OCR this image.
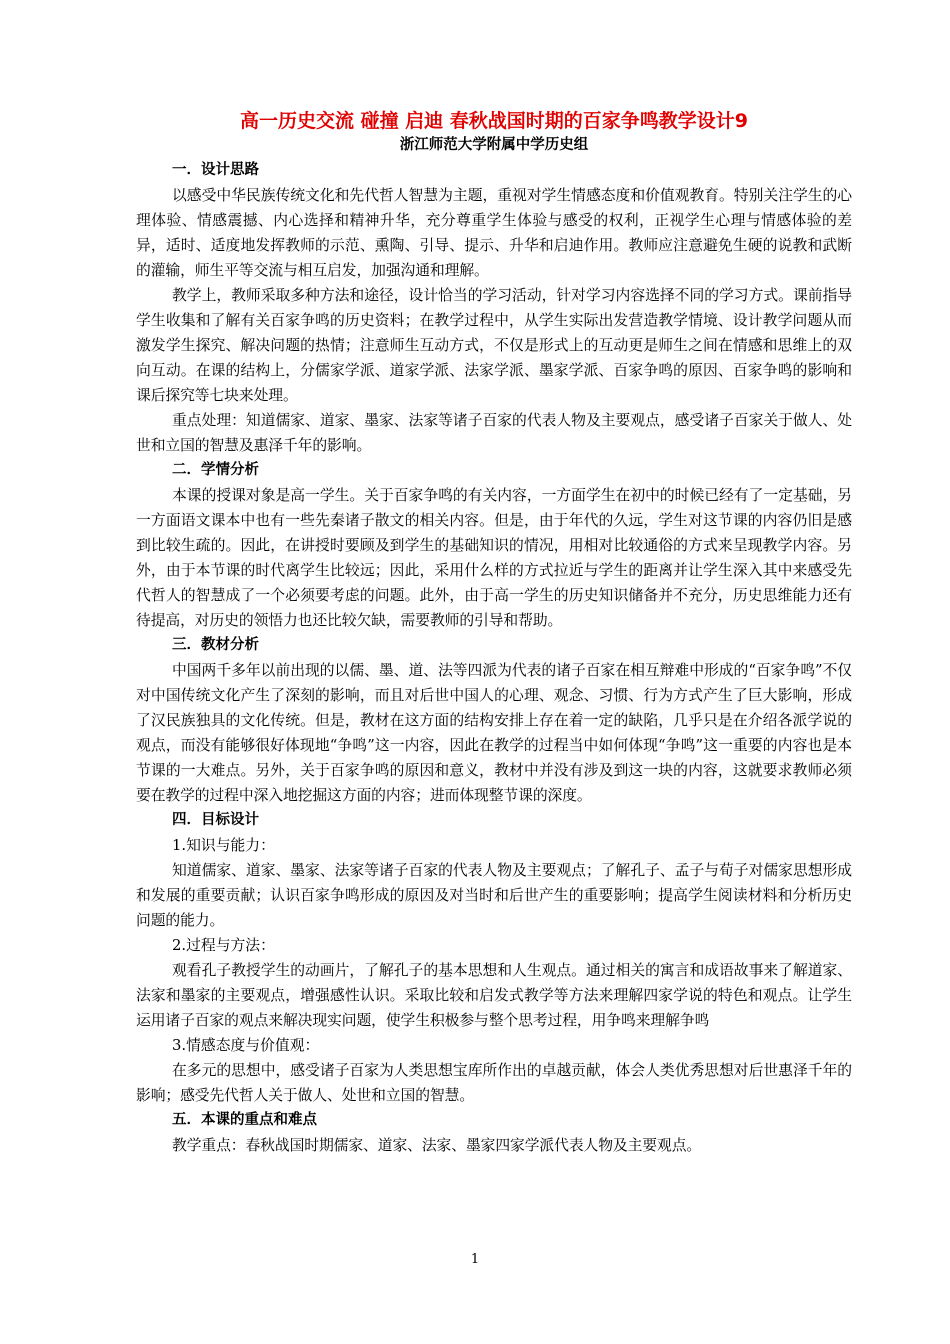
高一历史交流 碰撞 启迪 春秋战国时期的百家争鸣教学设计9
浙江师范大学附属中学历史组
一．设计思路

以感受中华民族传统文化和先代哲人智慧为主题，重视对学生情感态度和价值观教育。特别关注学生的心理体验、情感震撼、内心选择和精神升华，充分尊重学生体验与感受的权利，正视学生心理与情感体验的差异，适时、适度地发挥教师的示范、熏陶、引导、提示、升华和启迪作用。教师应注意避免生硬的说教和武断的灌输，师生平等交流与相互启发，加强沟通和理解。

教学上，教师采取多种方法和途径，设计恰当的学习活动，针对学习内容选择不同的学习方式。课前指导学生收集和了解有关百家争鸣的历史资料；在教学过程中，从学生实际出发营造教学情境、设计教学问题从而激发学生探究、解决问题的热情；注意师生互动方式，不仅是形式上的互动更是师生之间在情感和思维上的双向互动。在课的结构上，分儒家学派、道家学派、法家学派、墨家学派、百家争鸣的原因、百家争鸣的影响和课后探究等七块来处理。

重点处理：知道儒家、道家、墨家、法家等诸子百家的代表人物及主要观点，感受诸子百家关于做人、处世和立国的智慧及惠泽千年的影响。

二．学情分析

本课的授课对象是高一学生。关于百家争鸣的有关内容，一方面学生在初中的时候已经有了一定基础，另一方面语文课本中也有一些先秦诸子散文的相关内容。但是，由于年代的久远，学生对这节课的内容仍旧是感到比较生疏的。因此，在讲授时要顾及到学生的基础知识的情况，用相对比较通俗的方式来呈现教学内容。另外，由于本节课的时代离学生比较远；因此，采用什么样的方式拉近与学生的距离并让学生深入其中来感受先代哲人的智慧成了一个必须要考虑的问题。此外，由于高一学生的历史知识储备并不充分，历史思维能力还有待提高，对历史的领悟力也还比较欠缺，需要教师的引导和帮助。

三．教材分析

中国两千多年以前出现的以儒、墨、道、法等四派为代表的诸子百家在相互辩难中形成的“百家争鸣”不仅对中国传统文化产生了深刻的影响，而且对后世中国人的心理、观念、习惯、行为方式产生了巨大影响，形成了汉民族独具的文化传统。但是，教材在这方面的结构安排上存在着一定的缺陷，几乎只是在介绍各派学说的观点，而没有能够很好体现地“争鸣”这一内容，因此在教学的过程当中如何体现“争鸣”这一重要的内容也是本节课的一大难点。另外，关于百家争鸣的原因和意义，教材中并没有涉及到这一块的内容，这就要求教师必须要在教学的过程中深入地挖掘这方面的内容；进而体现整节课的深度。

四．目标设计
1.知识与能力：

知道儒家、道家、墨家、法家等诸子百家的代表人物及主要观点；了解孔子、孟子与荀子对儒家思想形成和发展的重要贡献；认识百家争鸣形成的原因及对当时和后世产生的重要影响；提高学生阅读材料和分析历史问题的能力。

2.过程与方法：

观看孔子教授学生的动画片，了解孔子的基本思想和人生观点。通过相关的寓言和成语故事来了解道家、法家和墨家的主要观点，增强感性认识。采取比较和启发式教学等方法来理解四家学说的特色和观点。让学生运用诸子百家的观点来解决现实问题，使学生积极参与整个思考过程，用争鸣来理解争鸣

3.情感态度与价值观：

在多元的思想中，感受诸子百家为人类思想宝库所作出的卓越贡献，体会人类优秀思想对后世惠泽千年的影响；感受先代哲人关于做人、处世和立国的智慧。

五．本课的重点和难点

教学重点：春秋战国时期儒家、道家、法家、墨家四家学派代表人物及主要观点。

1
